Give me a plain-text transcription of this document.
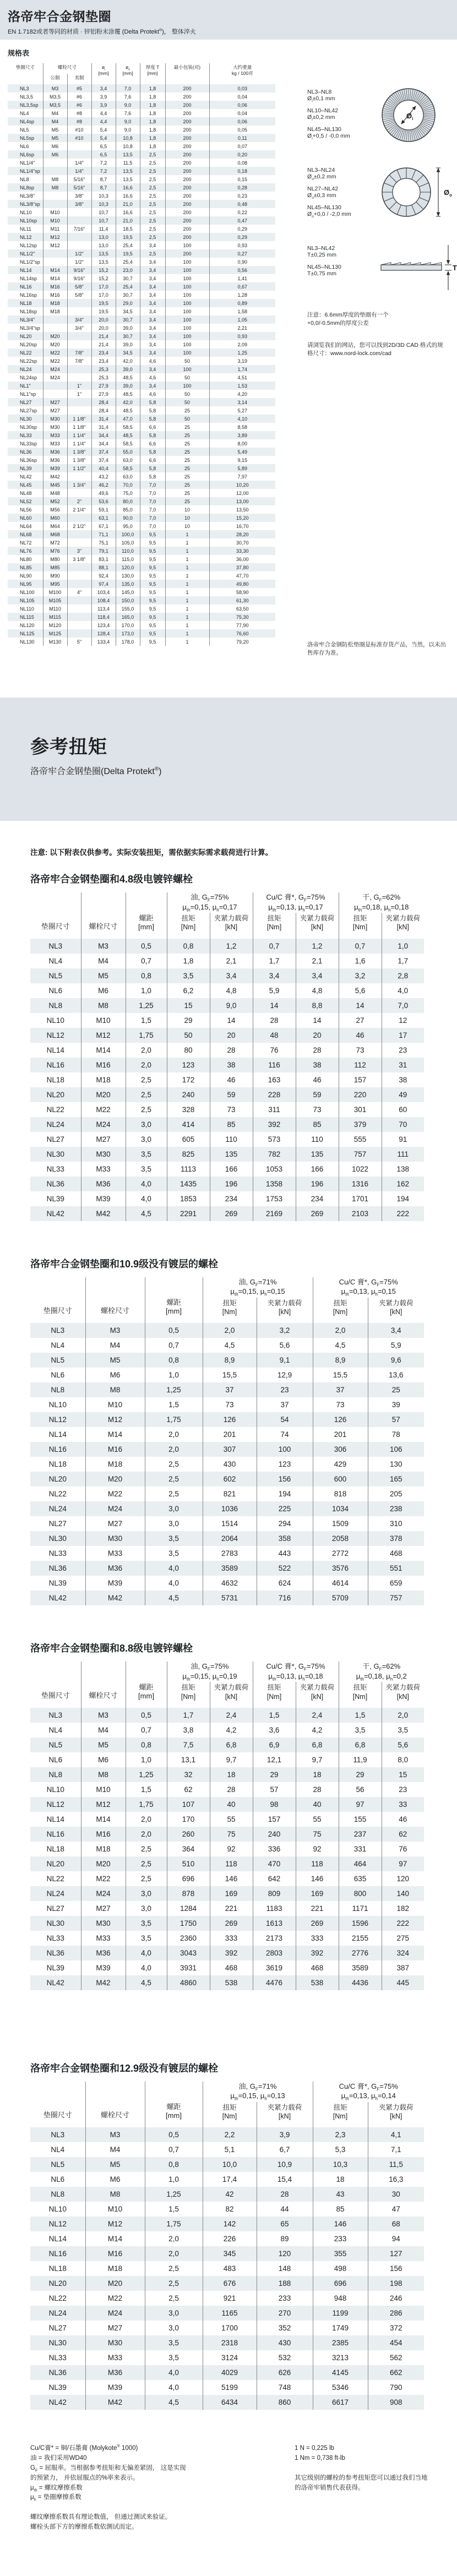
洛帝牢合金钢垫圈
EN 1.7182或者等同的材质 · 锌铝粉末涂覆 (Delta Protekt®)， 整体淬火
规格表
垫圈尺寸	螺栓尺寸		$ø_i$
[mm]	$ø_o$
[mm]	厚度 T
[mm]	最小包装(对)	大约重量
kg / 100对
	公制	美制					
NL3	M3	#5	3,4	7,0	1,8	200	0,03
NL3,5	M3,5	#6	3,9	7,6	1,8	200	0,04
NL3,5sp	M3,5	#6	3,9	9,0	1,8	200	0,06
NL4	M4	#8	4,4	7,6	1,8	200	0,04
NL4sp	M4	#8	4,4	9,0	1,8	200	0,06
NL5	M5	#10	5,4	9,0	1,8	200	0,05
NL5sp	M5	#10	5,4	10,8	1,8	200	0,11
NL6	M6		6,5	10,8	1,8	200	0,07
NL6sp	M6		6,5	13,5	2,5	200	0,20
NL1/4"		1/4"	7,2	11,5	2,5	200	0,08
NL1/4"sp		1/4"	7,2	13,5	2,5	200	0,18
NL8	M8	5/16"	8,7	13,5	2,5	200	0,15
NL8sp	M8	5/16"	8,7	16,6	2,5	200	0,28
NL3/8"		3/8"	10,3	16,6	2,5	200	0,23
NL3/8"sp		3/8"	10,3	21,0	2,5	200	0,48
NL10	M10		10,7	16,6	2,5	200	0,22
NL10sp	M10		10,7	21,0	2,5	200	0,47
NL11	M11	7/16"	11,4	18,5	2,5	200	0,29
NL12	M12		13,0	19,5	2,5	200	0,29
NL12sp	M12		13,0	25,4	3,4	100	0,93
NL1/2"		1/2"	13,5	19,5	2,5	200	0,27
NL1/2"sp		1/2"	13,5	25,4	3,4	100	0,90
NL14	M14	9/16"	15,2	23,0	3,4	100	0,56
NL14sp	M14	9/16"	15,2	30,7	3,4	100	1,41
NL16	M16	5/8"	17,0	25,4	3,4	100	0,67
NL16sp	M16	5/8"	17,0	30,7	3,4	100	1,28
NL18	M18		19,5	29,0	3,4	100	0,89
NL18sp	M18		19,5	34,5	3,4	100	1,58
NL3/4"		3/4"	20,0	30,7	3,4	100	1,05
NL3/4"sp		3/4"	20,0	39,0	3,4	100	2,21
NL20	M20		21,4	30,7	3,4	100	0,93
NL20sp	M20		21,4	39,0	3,4	100	2,09
NL22	M22	7/8"	23,4	34,5	3,4	100	1,25
NL22sp	M22	7/8"	23,4	42,0	4,6	50	3,19
NL24	M24		25,3	39,0	3,4	100	1,74
NL24sp	M24		25,3	48,5	4,6	50	4,51
NL1"		1"	27,9	39,0	3,4	100	1,53
NL1"sp		1"	27,9	48,5	4,6	50	4,20
NL27	M27		28,4	42,0	5,8	50	3,14
NL27sp	M27		28,4	48,5	5,8	25	5,27
NL30	M30	1 1/8"	31,4	47,0	5,8	50	4,10
NL30sp	M30	1 1/8"	31,4	58,5	6,6	25	8,58
NL33	M33	1 1/4"	34,4	48,5	5,8	25	3,89
NL33sp	M33	1 1/4"	34,4	58,5	6,6	25	8,00
NL36	M36	1 3/8"	37,4	55,0	5,8	25	5,49
NL36sp	M36	1 3/8"	37,4	63,0	6,6	25	9,15
NL39	M39	1 1/2"	40,4	58,5	5,8	25	5,89
NL42	M42		43,2	63,0	5,8	25	7,97
NL45	M45	1 3/4"	46,2	70,0	7,0	25	10,20
NL48	M48		49,6	75,0	7,0	25	12,00
NL52	M52	2"	53,6	80,0	7,0	25	13,00
NL56	M56	2 1/4"	59,1	85,0	7,0	10	13,50
NL60	M60		63,1	90,0	7,0	10	15,20
NL64	M64	2 1/2"	67,1	95,0	7,0	10	16,70
NL68	M68		71,1	100,0	9,5	1	28,20
NL72	M72		75,1	105,0	9,5	1	30,70
NL76	M76	3"	79,1	110,0	9,5	1	33,30
NL80	M80	3 1/8"	83,1	115,0	9,5	1	36,00
NL85	M85		88,1	120,0	9,5	1	37,80
NL90	M90		92,4	130,0	9,5	1	47,70
NL95	M95		97,4	135,0	9,5	1	49,80
NL100	M100	4"	103,4	145,0	9,5	1	58,90
NL105	M105		108,4	150,0	9,5	1	61,30
NL110	M110		113,4	155,0	9,5	1	63,50
NL115	M115		118,4	165,0	9,5	1	75,30
NL120	M120		123,4	170,0	9,5	1	77,90
NL125	M125		128,4	173,0	9,5	1	76,60
NL130	M130	5"	133,4	178,0	9,5	1	79,20
NL3–NL8
$Ø_i\pm 0,1$ mm
NL10–NL42
$Ø_i\pm 0,2$ mm
NL45–NL130
$Ø_i+0,5 / -0,0$ mm
$Ø_i$
NL3–NL24
$Ø_o\pm 0,2$ mm
NL27–NL42
$Ø_o\pm 0,3$ mm
NL45–NL130
$Ø_o+0,0 / -2,0$ mm
$Ø_o$
NL3–NL42
T±0,25 mm
NL45–NL130
T±0,75 mm
T

注意：6.6mm厚度的垫圈有一个
+0,0/-0.5mm的厚度公差

请浏览我们的网站，您可以找到2D/3D CAD 格式的规格尺寸：www.nord-lock.com/cad

洛帝牢合金钢防松垫圈是标准存货产品，当然，以未出售库存为准。

参考扭矩
洛帝牢合金钢垫圈(Delta Protekt®)

注意: 以下附表仅供参考。实际安装扭矩，需依据实际需求载荷进行计算。

洛帝牢合金钢垫圈和4.8级电镀锌螺栓
垫圈尺寸	螺栓尺寸	螺距
[mm]	油, $G_F=75\%$
$\mu_{th}=0,15$, $\mu_h=0,17$		Cu/C 膏*, $G_F=75\%$
$\mu_{th}=0,13$, $\mu_h=0,17$		干, $G_F=62\%$
$\mu_{th}=0,18$, $\mu_h=0,18$	
			扭矩
[Nm]	夹紧力载荷
[kN]	扭矩
[Nm]	夹紧力载荷
[kN]	扭矩
[Nm]	夹紧力载荷
[kN]
NL3	M3	0,5	0,8	1,2	0,7	1,2	0,7	1,0
NL4	M4	0,7	1,8	2,1	1,7	2,1	1,6	1,7
NL5	M5	0,8	3,5	3,4	3,4	3,4	3,2	2,8
NL6	M6	1,0	6,2	4,8	5,9	4,8	5,6	4,0
NL8	M8	1,25	15	9,0	14	8,8	14	7,0
NL10	M10	1,5	29	14	28	14	27	12
NL12	M12	1,75	50	20	48	20	46	17
NL14	M14	2,0	80	28	76	28	73	23
NL16	M16	2,0	123	38	116	38	112	31
NL18	M18	2,5	172	46	163	46	157	38
NL20	M20	2,5	240	59	228	59	220	49
NL22	M22	2,5	328	73	311	73	301	60
NL24	M24	3,0	414	85	392	85	379	70
NL27	M27	3,0	605	110	573	110	555	91
NL30	M30	3,5	825	135	782	135	757	111
NL33	M33	3,5	1113	166	1053	166	1022	138
NL36	M36	4,0	1435	196	1358	196	1316	162
NL39	M39	4,0	1853	234	1753	234	1701	194
NL42	M42	4,5	2291	269	2169	269	2103	222
洛帝牢合金钢垫圈和10.9级没有镀层的螺栓
垫圈尺寸	螺栓尺寸	螺距
[mm]	油, $G_F=71\%$
$\mu_{th}=0,15$, $\mu_h=0,15$		Cu/C 膏*, $G_F=75\%$
$\mu_{th}=0,13$, $\mu_h=0,15$	
			扭矩
[Nm]	夹紧力载荷
[kN]	扭矩
[Nm]	夹紧力载荷
[kN]
NL3	M3	0,5	2,0	3,2	2,0	3,4
NL4	M4	0,7	4,5	5,6	4,5	5,9
NL5	M5	0,8	8,9	9,1	8,9	9,6
NL6	M6	1,0	15,5	12,9	15,5	13,6
NL8	M8	1,25	37	23	37	25
NL10	M10	1,5	73	37	73	39
NL12	M12	1,75	126	54	126	57
NL14	M14	2,0	201	74	201	78
NL16	M16	2,0	307	100	306	106
NL18	M18	2,5	430	123	429	130
NL20	M20	2,5	602	156	600	165
NL22	M22	2,5	821	194	818	205
NL24	M24	3,0	1036	225	1034	238
NL27	M27	3,0	1514	294	1509	310
NL30	M30	3,5	2064	358	2058	378
NL33	M33	3,5	2783	443	2772	468
NL36	M36	4,0	3589	522	3576	551
NL39	M39	4,0	4632	624	4614	659
NL42	M42	4,5	5731	716	5709	757
洛帝牢合金钢垫圈和8.8级电镀锌螺栓
垫圈尺寸	螺栓尺寸	螺距
[mm]	油, $G_F=75\%$
$\mu_{th}=0,15$, $\mu_h=0,19$		Cu/C 膏*, $G_F=75\%$
$\mu_{th}=0,13$, $\mu_h=0,18$		干, $G_F=62\%$
$\mu_{th}=0,18$, $\mu_h=0,2$	
			扭矩
[Nm]	夹紧力载荷
[kN]	扭矩
[Nm]	夹紧力载荷
[kN]	扭矩
[Nm]	夹紧力载荷
[kN]
NL3	M3	0,5	1,7	2,4	1,5	2,4	1,5	2,0
NL4	M4	0,7	3,8	4,2	3,6	4,2	3,5	3,5
NL5	M5	0,8	7,5	6,8	6,9	6,8	6,8	5,6
NL6	M6	1,0	13,1	9,7	12,1	9,7	11,9	8,0
NL8	M8	1,25	32	18	29	18	29	15
NL10	M10	1,5	62	28	57	28	56	23
NL12	M12	1,75	107	40	98	40	97	33
NL14	M14	2,0	170	55	157	55	155	46
NL16	M16	2,0	260	75	240	75	237	62
NL18	M18	2,5	364	92	336	92	331	76
NL20	M20	2,5	510	118	470	118	464	97
NL22	M22	2,5	696	146	642	146	635	120
NL24	M24	3,0	878	169	809	169	800	140
NL27	M27	3,0	1284	221	1183	221	1171	182
NL30	M30	3,5	1750	269	1613	269	1596	222
NL33	M33	3,5	2360	333	2173	333	2155	275
NL36	M36	4,0	3043	392	2803	392	2776	324
NL39	M39	4,0	3931	468	3619	468	3589	387
NL42	M42	4,5	4860	538	4476	538	4436	445
洛帝牢合金钢垫圈和12.9级没有镀层的螺栓
垫圈尺寸	螺栓尺寸	螺距
[mm]	油, $G_F=71\%$
$\mu_{th}=0,15$, $\mu_h=0,13$		Cu/C 膏*, $G_F=75\%$
$\mu_{th}=0,13$, $\mu_h=0,14$	
			扭矩
[Nm]	夹紧力载荷
[kN]	扭矩
[Nm]	夹紧力载荷
[kN]
NL3	M3	0,5	2,2	3,9	2,3	4,1
NL4	M4	0,7	5,1	6,7	5,3	7,1
NL5	M5	0,8	10,0	10,9	10,3	11,5
NL6	M6	1,0	17,4	15,4	18	16,3
NL8	M8	1,25	42	28	43	30
NL10	M10	1,5	82	44	85	47
NL12	M12	1,75	142	65	146	68
NL14	M14	2,0	226	89	233	94
NL16	M16	2,0	345	120	355	127
NL18	M18	2,5	483	148	498	156
NL20	M20	2,5	676	188	696	198
NL22	M22	2,5	921	233	948	246
NL24	M24	3,0	1165	270	1199	286
NL27	M27	3,0	1700	352	1749	372
NL30	M30	3,5	2318	430	2385	454
NL33	M33	3,5	3124	532	3213	562
NL36	M36	4,0	4029	626	4145	662
NL39	M39	4,0	5199	748	5346	790
NL42	M42	4,5	6434	860	6617	908
Cu/C膏* = 铜/石墨膏 (Molykote® 1000)
油 = 我们采用WD40
$G_F$ = 屈服率。当根据参考扭矩和无偏差紧固， 这是实现
的预紧力， 并依屈服点的%率来表示。
$\mu_{th}$ = 螺纹摩擦系数
$\mu_h$ = 垫圈摩擦系数

螺纹摩擦系数具有理论数值， 但通过测试来验证。
螺栓头部下方的摩擦系数依测试而定。
1 N = 0,225 lb
1 Nm = 0,738 ft-lb

其它级别的螺栓的参考扭矩您可以通过我们当地
的洛帝牢销售代表获得。
